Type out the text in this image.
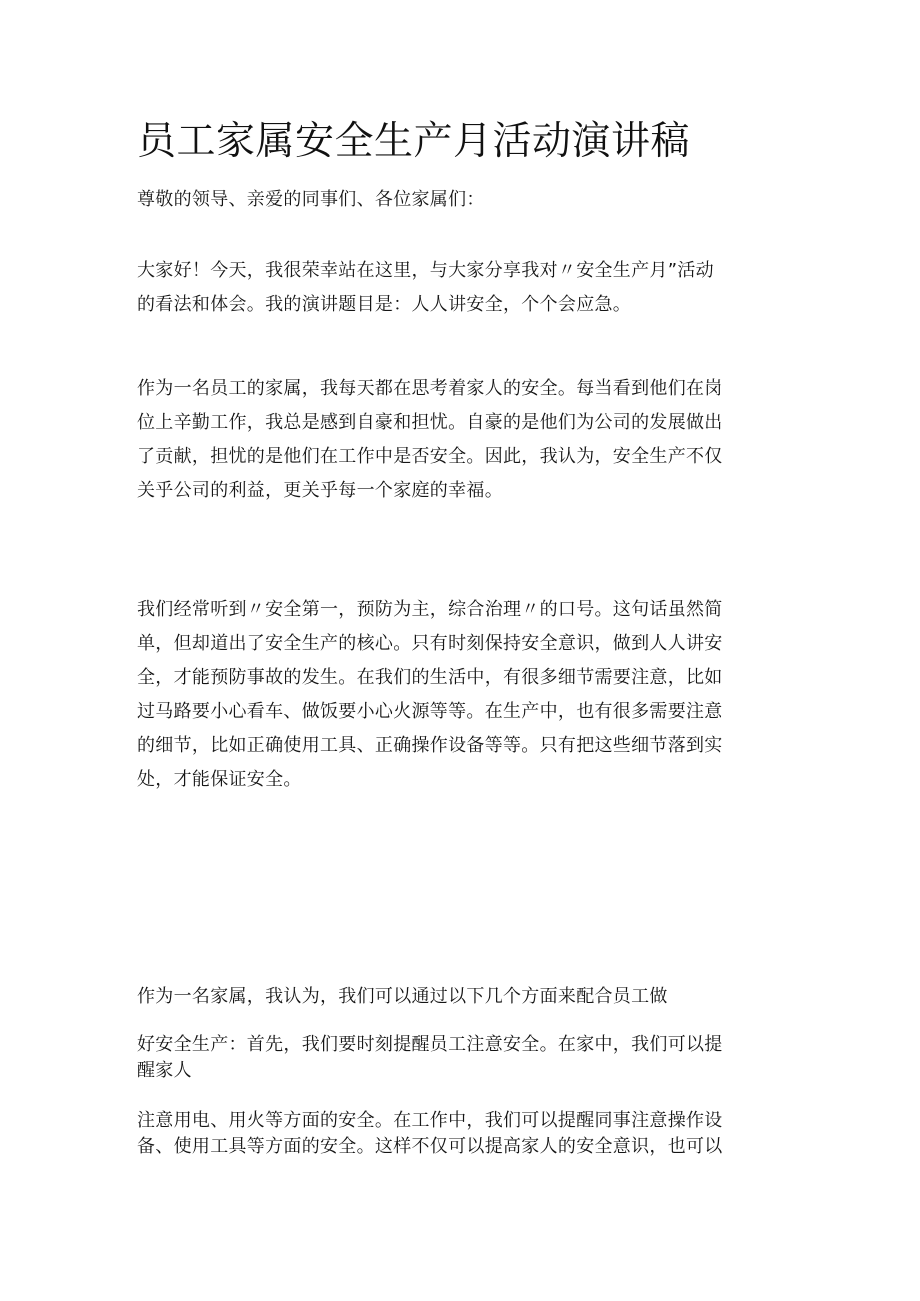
员工家属安全生产月活动演讲稿

尊敬的领导、亲爱的同事们、各位家属们：

大家好！今天，我很荣幸站在这里，与大家分享我对〃安全生产月”活动
的看法和体会。我的演讲题目是：人人讲安全，个个会应急。
作为一名员工的家属，我每天都在思考着家人的安全。每当看到他们在岗
位上辛勤工作，我总是感到自豪和担忧。自豪的是他们为公司的发展做出
了贡献，担忧的是他们在工作中是否安全。因此，我认为，安全生产不仅
关乎公司的利益，更关乎每一个家庭的幸福。
我们经常听到〃安全第一，预防为主，综合治理〃的口号。这句话虽然简
单，但却道出了安全生产的核心。只有时刻保持安全意识，做到人人讲安
全，才能预防事故的发生。在我们的生活中，有很多细节需要注意，比如
过马路要小心看车、做饭要小心火源等等。在生产中，也有很多需要注意
的细节，比如正确使用工具、正确操作设备等等。只有把这些细节落到实
处，才能保证安全。
作为一名家属，我认为，我们可以通过以下几个方面来配合员工做
好安全生产：首先，我们要时刻提醒员工注意安全。在家中，我们可以提
醒家人
注意用电、用火等方面的安全。在工作中，我们可以提醒同事注意操作设
备、使用工具等方面的安全。这样不仅可以提高家人的安全意识，也可以
